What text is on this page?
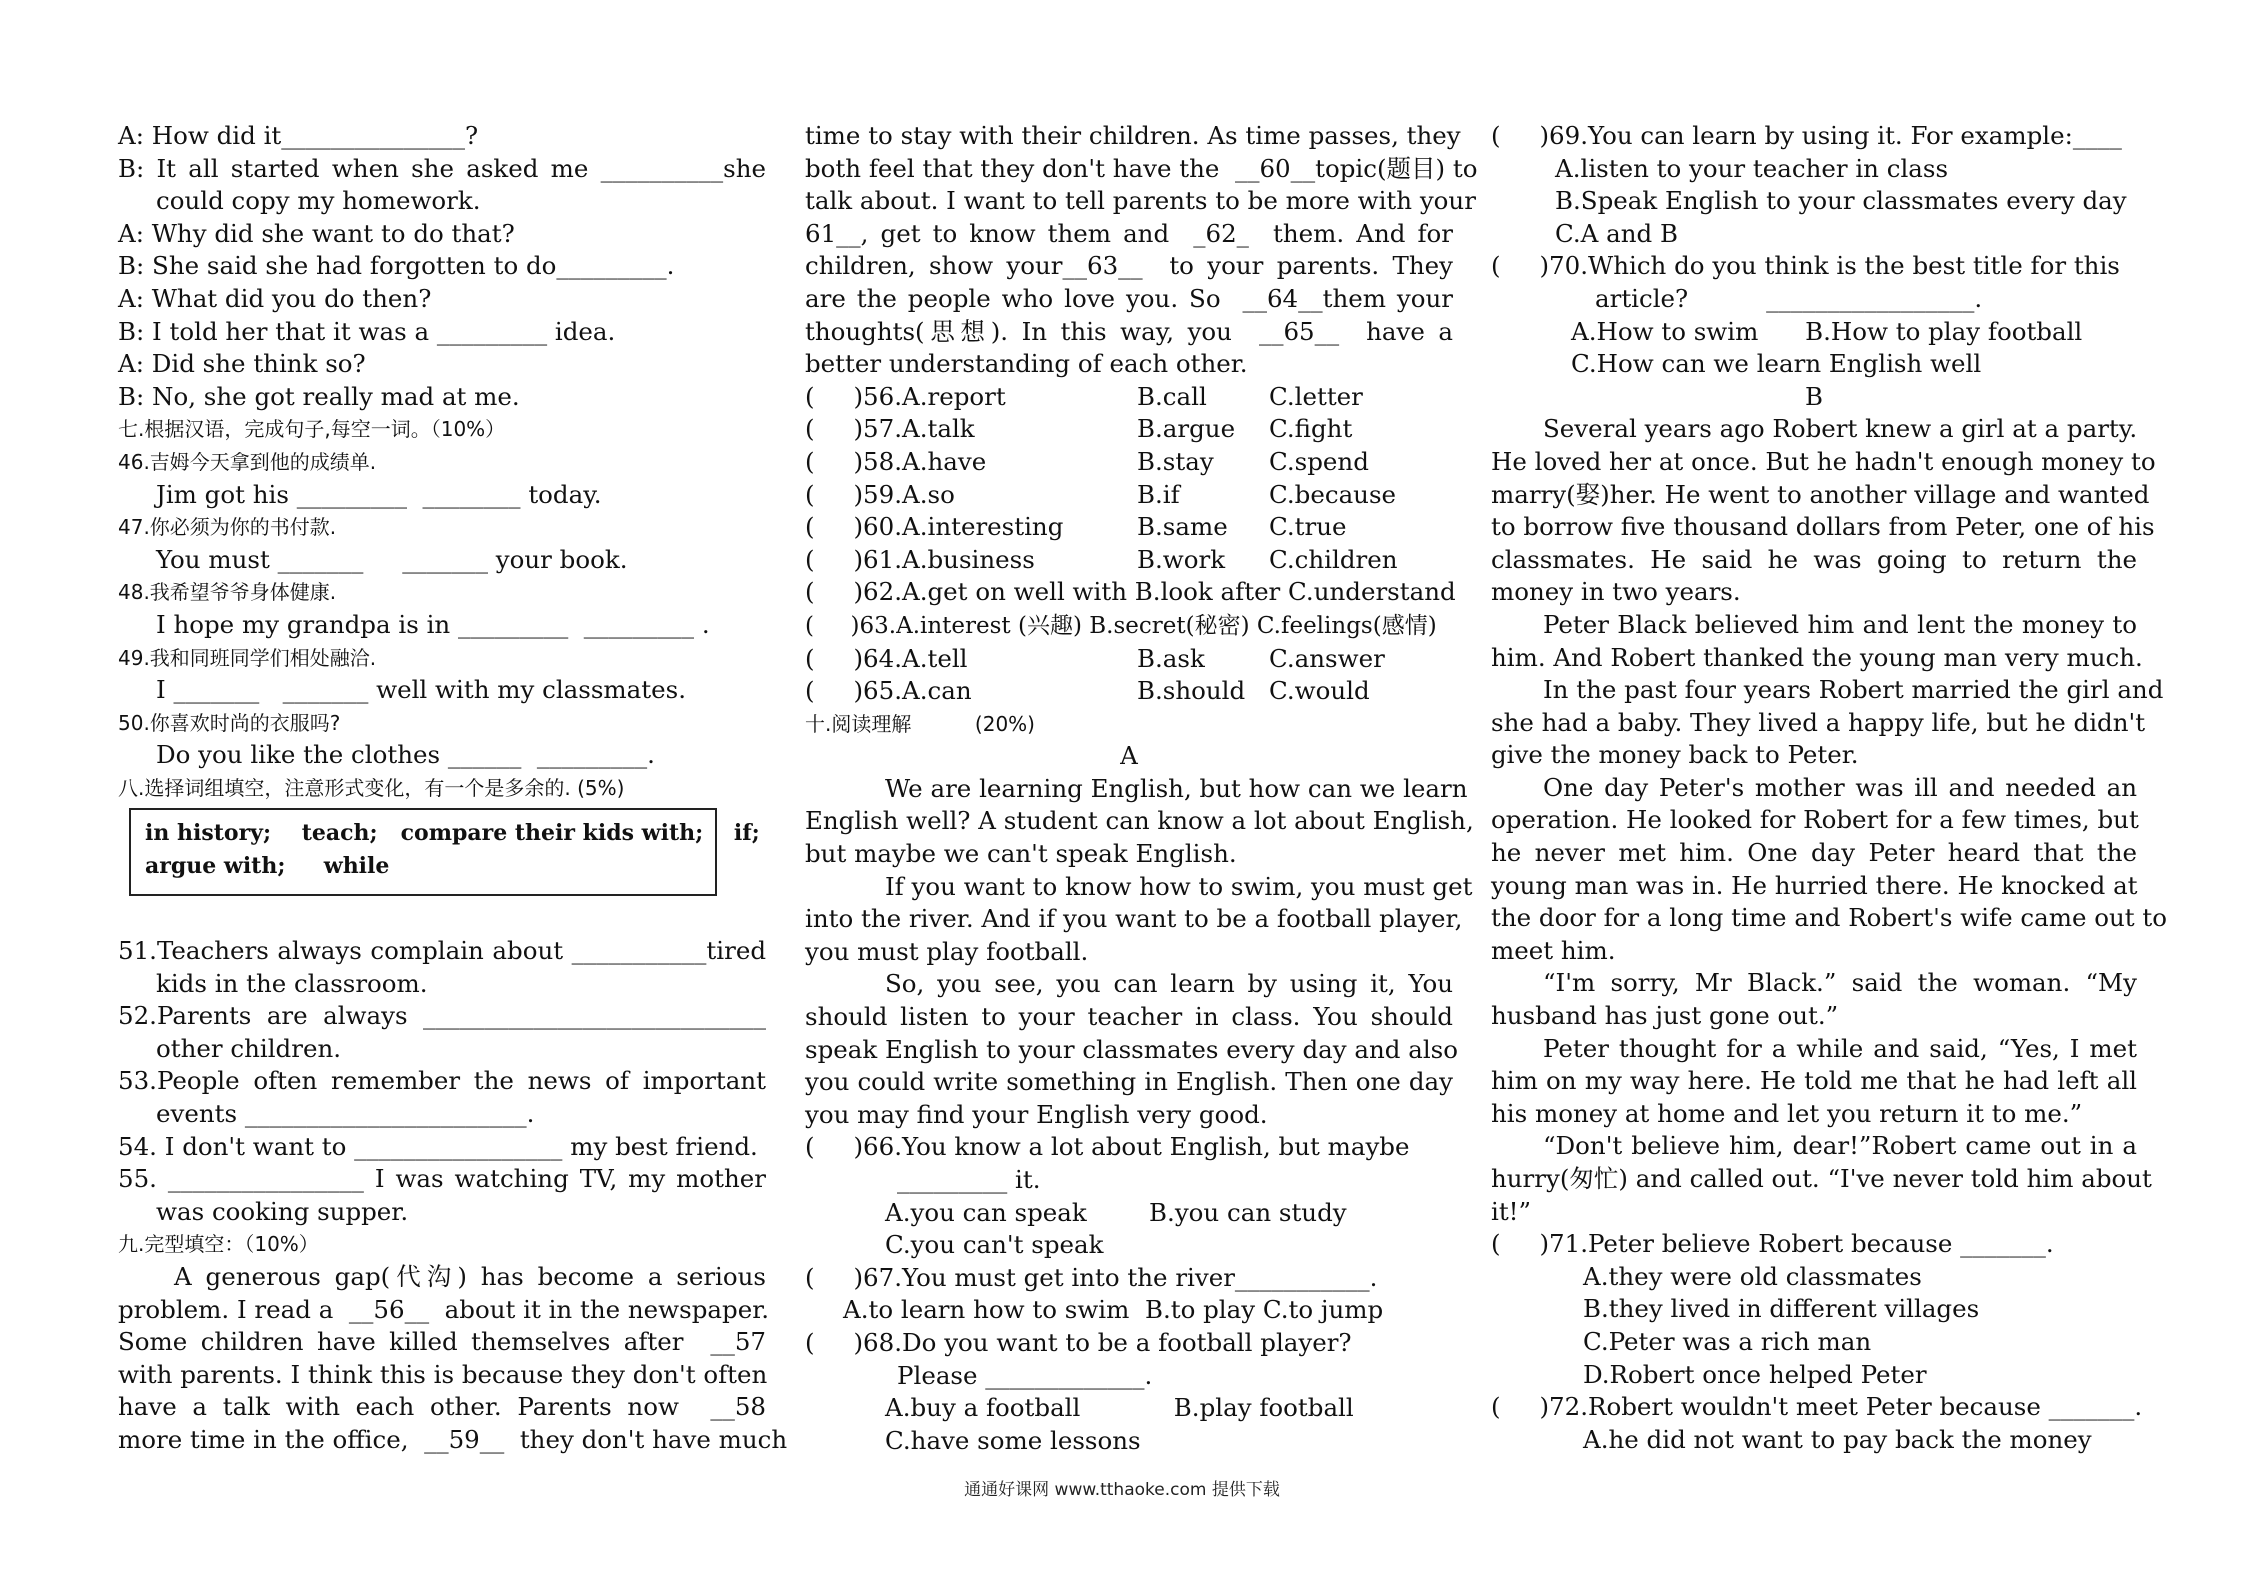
A: How did it_______________?
B: It all started when she asked me __________she
could copy my homework.
A: Why did she want to do that?
B: She said she had forgotten to do_________.
A: What did you do then?
B: I told her that it was a _________ idea.
A: Did she think so?
B: No, she got really mad at me.
七.根据汉语，完成句子,每空一词。（10%）
46.吉姆今天拿到他的成绩单.
Jim got his _________  ________ today.
47.你必须为你的书付款.
You must _______     _______ your book.
48.我希望爷爷身体健康.
I hope my grandpa is in _________  _________ .
49.我和同班同学们相处融洽.
I _______   _______ well with my classmates.
50.你喜欢时尚的衣服吗?
Do you like the clothes ______  _________.
八.选择词组填空，注意形式变化，有一个是多余的. (5%)
in history;    teach;   compare their kids with;    if;
argue with;     while
51.Teachers always complain about ___________tired
kids in the classroom.
52.Parents are always ____________________________
other children.
53.People often remember the news of important
events _______________________.
54. I don't want to _________________ my best friend.
55. ________________ I was watching TV, my mother
was cooking supper.
九.完型填空：（10%）
A generous gap(代沟) has become a serious
problem. I read a  __56__  about it in the newspaper.
Some children have killed themselves after  __57
with parents. I think this is because they don't often
have a talk with each other. Parents now  __58
more time in the office,  __59__  they don't have much
time to stay with their children. As time passes, they
both feel that they don't have the  __60__topic(题目) to
talk about. I want to tell parents to be more with your
61__, get to know them and  _62_  them. And for
children, show your__63__  to your parents. They
are the people who love you. So  __64__them your
thoughts(思想). In this way, you  __65__  have a
better understanding of each other.
(     )56.A.report	B.call	C.letter
(     )57.A.talk	B.argue C.fight
(     )58.A.have	B.stay C.spend
(     )59.A.so	B.if	C.because
(     )60.A.interesting	B.same C.true
(     )61.A.business	B.work C.children
(     )62.A.get on well with B.look after C.understand
(     )63.A.interest (兴趣) B.secret(秘密) C.feelings(感情)
(     )64.A.tell	B.ask	C.answer
(     )65.A.can	B.should C.would
十.阅读理解          (20%)
A
We are learning English, but how can we learn
English well? A student can know a lot about English,
but maybe we can't speak English.
If you want to know how to swim, you must get
into the river. And if you want to be a football player,
you must play football.
So, you see, you can learn by using it, You
should listen to your teacher in class. You should
speak English to your classmates every day and also
you could write something in English. Then one day
you may find your English very good.
(     )66.You know a lot about English, but maybe
_________ it.
A.you can speak        B.you can study
C.you can't speak
(     )67.You must get into the river___________.
A.to learn how to swim  B.to play C.to jump
(     )68.Do you want to be a football player?
Please _____________.
A.buy a football            B.play football
C.have some lessons
(     )69.You can learn by using it. For example:____
A.listen to your teacher in class
B.Speak English to your classmates every day
C.A and B
(     )70.Which do you think is the best title for this
article?          _________________.
A.How to swim      B.How to play football
C.How can we learn English well
B
Several years ago Robert knew a girl at a party.
He loved her at once. But he hadn't enough money to
marry(娶)her. He went to another village and wanted
to borrow five thousand dollars from Peter, one of his
classmates. He said he was going to return the
money in two years.
Peter Black believed him and lent the money to
him. And Robert thanked the young man very much.
In the past four years Robert married the girl and
she had a baby. They lived a happy life, but he didn't
give the money back to Peter.
One day Peter's mother was ill and needed an
operation. He looked for Robert for a few times, but
he never met him. One day Peter heard that the
young man was in. He hurried there. He knocked at
the door for a long time and Robert's wife came out to
meet him.
“I'm sorry, Mr Black.” said the woman. “My
husband has just gone out.”
Peter thought for a while and said, “Yes, I met
him on my way here. He told me that he had left all
his money at home and let you return it to me.”
“Don't believe him, dear!”Robert came out in a
hurry(匆忙) and called out. “I've never told him about
it!”
(     )71.Peter believe Robert because _______.
A.they were old classmates
B.they lived in different villages
C.Peter was a rich man
D.Robert once helped Peter
(     )72.Robert wouldn't meet Peter because _______.
A.he did not want to pay back the money
通通好课网 www.tthaoke.com 提供下载
